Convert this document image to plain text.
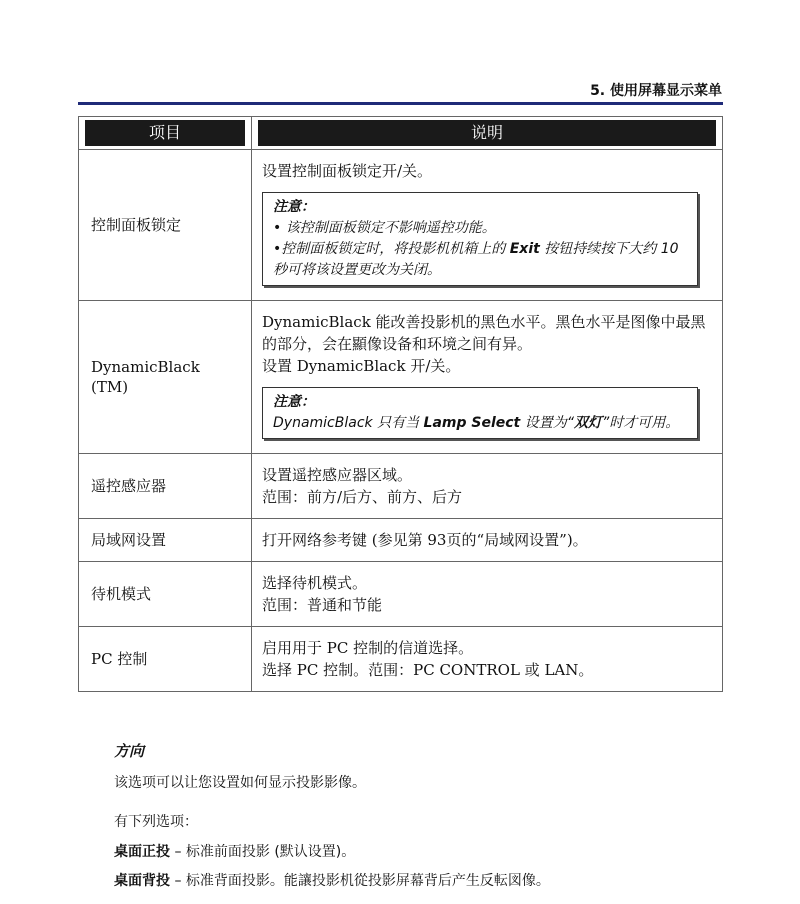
5. 使用屏幕显示菜单
项目	说明

控制面板锁定	设置控制面板锁定开/关。
注意：
• 该控制面板锁定不影响遥控功能。
•控制面板锁定时，将投影机机箱上的 Exit 按钮持续按下大约 10 秒可将该设置更改为关闭。

DynamicBlack (TM)	DynamicBlack 能改善投影机的黑色水平。黑色水平是图像中最黑的部分，会在顯像设备和环境之间有异。
设置 DynamicBlack 开/关。
注意：
DynamicBlack 只有当 Lamp Select 设置为“双灯”时才可用。

遥控感应器	设置遥控感应器区域。
范围：前方/后方、前方、后方

局域网设置	打开网络参考键 (参见第 93页的“局域网设置”)。

待机模式	选择待机模式。
范围：普通和节能

PC 控制	启用用于 PC 控制的信道选择。
选择 PC 控制。范围：PC CONTROL 或 LAN。
方向
该选项可以让您设置如何显示投影影像。
有下列选项：
桌面正投 – 标准前面投影 (默认设置)。
桌面背投 – 标准背面投影。能讓投影机從投影屏幕背后产生反転図像。
